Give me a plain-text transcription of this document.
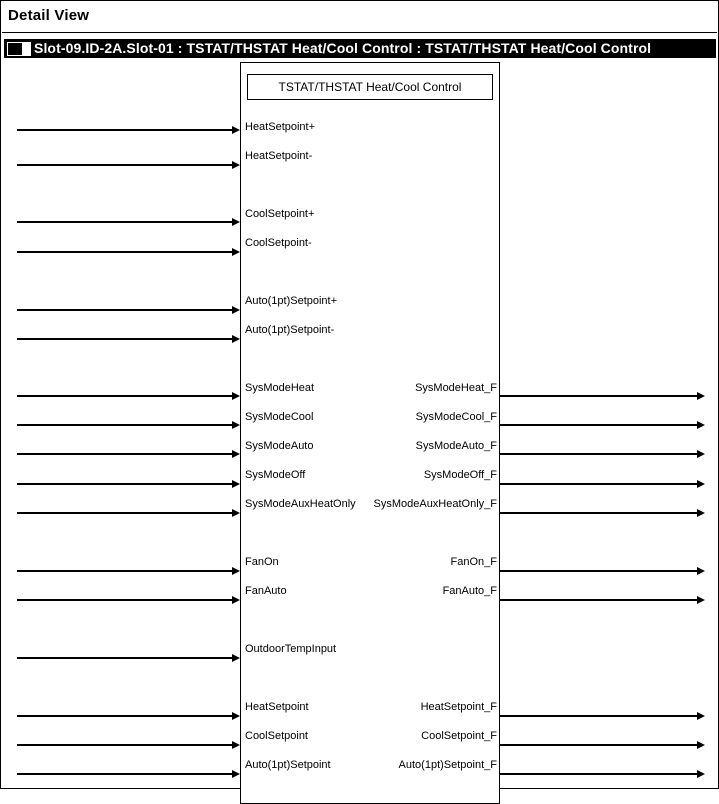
Detail View
Slot-09.ID-2A.Slot-01 : TSTAT/THSTAT Heat/Cool Control : TSTAT/THSTAT Heat/Cool Control
TSTAT/THSTAT Heat/Cool Control
HeatSetpoint+
HeatSetpoint-
CoolSetpoint+
CoolSetpoint-
Auto(1pt)Setpoint+
Auto(1pt)Setpoint-
SysModeHeat	SysModeHeat_F
SysModeCool	SysModeCool_F
SysModeAuto	SysModeAuto_F
SysModeOff	SysModeOff_F
SysModeAuxHeatOnly SysModeAuxHeatOnly_F
FanOn	FanOn_F
FanAuto	FanAuto_F
OutdoorTempInput
HeatSetpoint	HeatSetpoint_F
CoolSetpoint	CoolSetpoint_F
Auto(1pt)Setpoint	Auto(1pt)Setpoint_F
